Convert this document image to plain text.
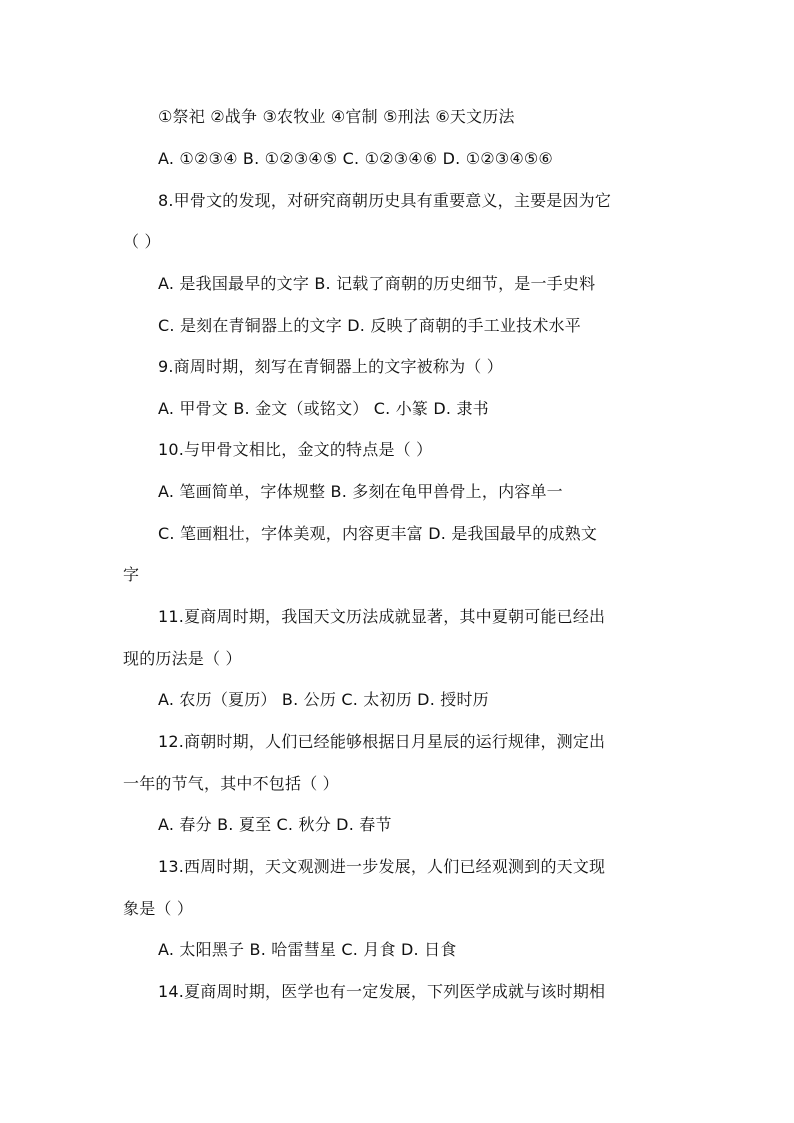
①祭祀 ②战争 ③农牧业 ④官制 ⑤刑法 ⑥天文历法
A. ①②③④ B. ①②③④⑤ C. ①②③④⑥ D. ①②③④⑤⑥
8.甲骨文的发现，对研究商朝历史具有重要意义，主要是因为它
（ ）
A. 是我国最早的文字 B. 记载了商朝的历史细节，是一手史料
C. 是刻在青铜器上的文字 D. 反映了商朝的手工业技术水平
9.商周时期，刻写在青铜器上的文字被称为（ ）
A. 甲骨文 B. 金文（或铭文） C. 小篆 D. 隶书
10.与甲骨文相比，金文的特点是（ ）
A. 笔画简单，字体规整 B. 多刻在龟甲兽骨上，内容单一
C. 笔画粗壮，字体美观，内容更丰富 D. 是我国最早的成熟文
字
11.夏商周时期，我国天文历法成就显著，其中夏朝可能已经出
现的历法是（ ）
A. 农历（夏历） B. 公历 C. 太初历 D. 授时历
12.商朝时期，人们已经能够根据日月星辰的运行规律，测定出
一年的节气，其中不包括（ ）
A. 春分 B. 夏至 C. 秋分 D. 春节
13.西周时期，天文观测进一步发展，人们已经观测到的天文现
象是（ ）
A. 太阳黑子 B. 哈雷彗星 C. 月食 D. 日食
14.夏商周时期，医学也有一定发展，下列医学成就与该时期相
